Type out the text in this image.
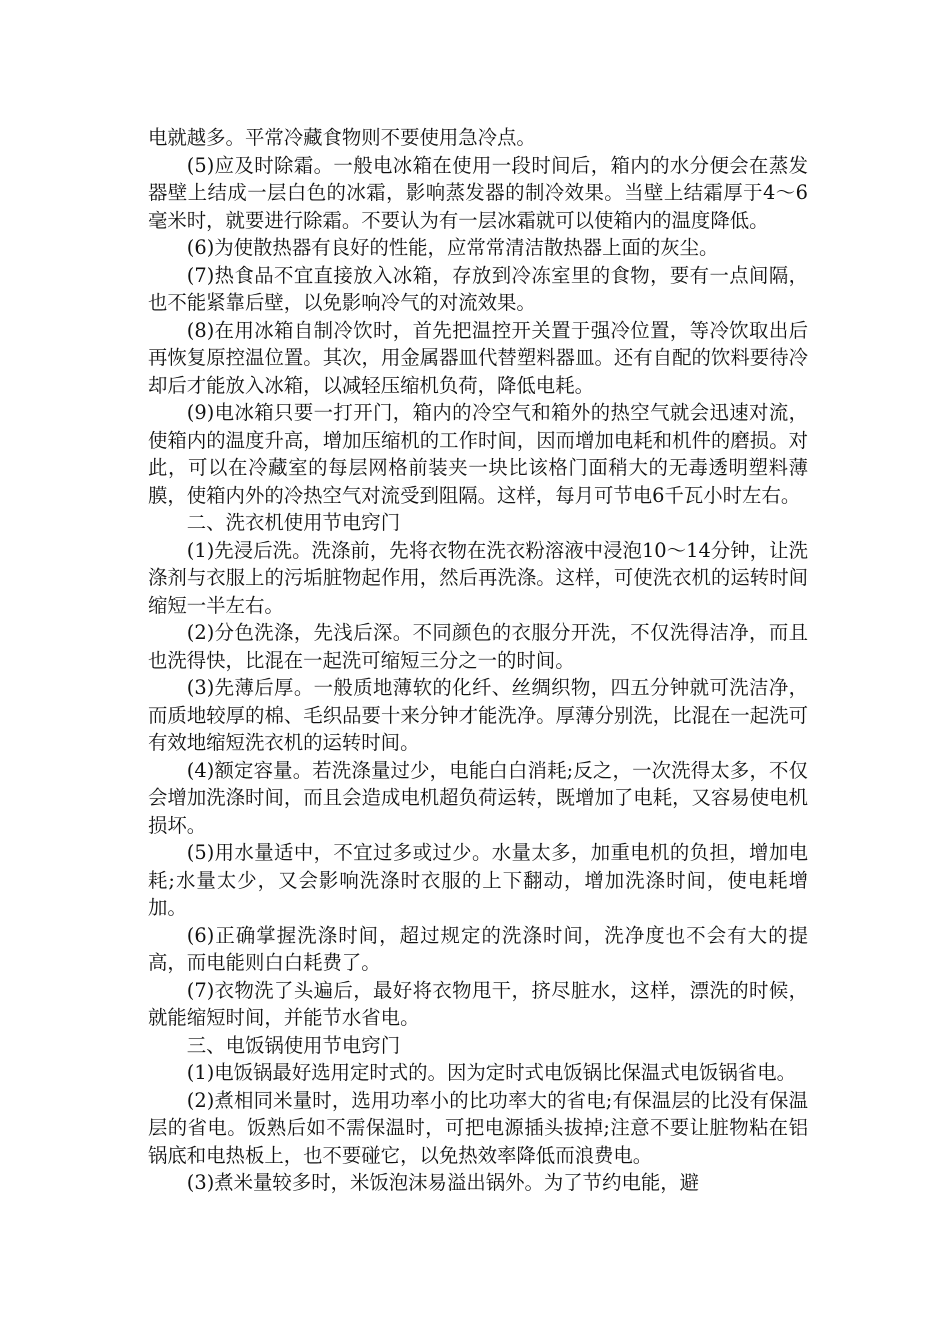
电就越多。平常冷藏食物则不要使用急冷点。

(5)应及时除霜。一般电冰箱在使用一段时间后，箱内的水分便会在蒸发器壁上结成一层白色的冰霜，影响蒸发器的制冷效果。当壁上结霜厚于4～6毫米时，就要进行除霜。不要认为有一层冰霜就可以使箱内的温度降低。

(6)为使散热器有良好的性能，应常常清洁散热器上面的灰尘。

(7)热食品不宜直接放入冰箱，存放到冷冻室里的食物，要有一点间隔，也不能紧靠后壁，以免影响冷气的对流效果。

(8)在用冰箱自制冷饮时，首先把温控开关置于强冷位置，等冷饮取出后再恢复原控温位置。其次，用金属器皿代替塑料器皿。还有自配的饮料要待冷却后才能放入冰箱，以减轻压缩机负荷，降低电耗。

(9)电冰箱只要一打开门，箱内的冷空气和箱外的热空气就会迅速对流，使箱内的温度升高，增加压缩机的工作时间，因而增加电耗和机件的磨损。对此，可以在冷藏室的每层网格前装夹一块比该格门面稍大的无毒透明塑料薄膜，使箱内外的冷热空气对流受到阻隔。这样，每月可节电6千瓦小时左右。

二、洗衣机使用节电窍门

(1)先浸后洗。洗涤前，先将衣物在洗衣粉溶液中浸泡10～14分钟，让洗涤剂与衣服上的污垢脏物起作用，然后再洗涤。这样，可使洗衣机的运转时间缩短一半左右。

(2)分色洗涤，先浅后深。不同颜色的衣服分开洗，不仅洗得洁净，而且也洗得快，比混在一起洗可缩短三分之一的时间。

(3)先薄后厚。一般质地薄软的化纤、丝绸织物，四五分钟就可洗洁净，而质地较厚的棉、毛织品要十来分钟才能洗净。厚薄分别洗，比混在一起洗可有效地缩短洗衣机的运转时间。

(4)额定容量。若洗涤量过少，电能白白消耗;反之，一次洗得太多，不仅会增加洗涤时间，而且会造成电机超负荷运转，既增加了电耗，又容易使电机损坏。

(5)用水量适中，不宜过多或过少。水量太多，加重电机的负担，增加电耗;水量太少，又会影响洗涤时衣服的上下翻动，增加洗涤时间，使电耗增加。

(6)正确掌握洗涤时间，超过规定的洗涤时间，洗净度也不会有大的提高，而电能则白白耗费了。

(7)衣物洗了头遍后，最好将衣物甩干，挤尽脏水，这样，漂洗的时候，就能缩短时间，并能节水省电。

三、电饭锅使用节电窍门

(1)电饭锅最好选用定时式的。因为定时式电饭锅比保温式电饭锅省电。

(2)煮相同米量时，选用功率小的比功率大的省电;有保温层的比没有保温层的省电。饭熟后如不需保温时，可把电源插头拔掉;注意不要让脏物粘在铝锅底和电热板上，也不要碰它，以免热效率降低而浪费电。

(3)煮米量较多时，米饭泡沫易溢出锅外。为了节约电能，避
